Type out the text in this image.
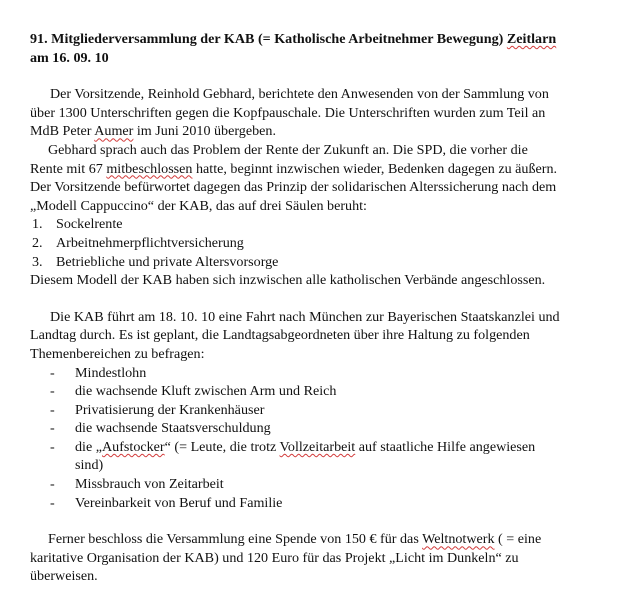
91. Mitgliederversammlung der KAB (= Katholische Arbeitnehmer Bewegung) Zeitlarn

am 16. 09. 10

Der Vorsitzende, Reinhold Gebhard, berichtete den Anwesenden von der Sammlung von

über 1300 Unterschriften gegen die Kopfpauschale. Die Unterschriften wurden zum Teil an

MdB Peter Aumer im Juni 2010 übergeben.

Gebhard sprach auch das Problem der Rente der Zukunft an. Die SPD, die vorher die

Rente mit 67 mitbeschlossen hatte, beginnt inzwischen wieder, Bedenken dagegen zu äußern.

Der Vorsitzende befürwortet dagegen das Prinzip der solidarischen Alterssicherung nach dem

„Modell Cappuccino“ der KAB, das auf drei Säulen beruht:

1. Sockelrente
2. Arbeitnehmerpflichtversicherung
3. Betriebliche und private Altersvorsorge

Diesem Modell der KAB haben sich inzwischen alle katholischen Verbände angeschlossen.

Die KAB führt am 18. 10. 10 eine Fahrt nach München zur Bayerischen Staatskanzlei und

Landtag durch. Es ist geplant, die Landtagsabgeordneten über ihre Haltung zu folgenden

Themenbereichen zu befragen:

-	Mindestlohn
-	die wachsende Kluft zwischen Arm und Reich
-	Privatisierung der Krankenhäuser
-	die wachsende Staatsverschuldung
-	die „Aufstocker“ (= Leute, die trotz Vollzeitarbeit auf staatliche Hilfe angewiesen
sind)
-	Missbrauch von Zeitarbeit
-	Vereinbarkeit von Beruf und Familie

Ferner beschloss die Versammlung eine Spende von 150 € für das Weltnotwerk ( = eine

karitative Organisation der KAB) und 120 Euro für das Projekt „Licht im Dunkeln“ zu

überweisen.
